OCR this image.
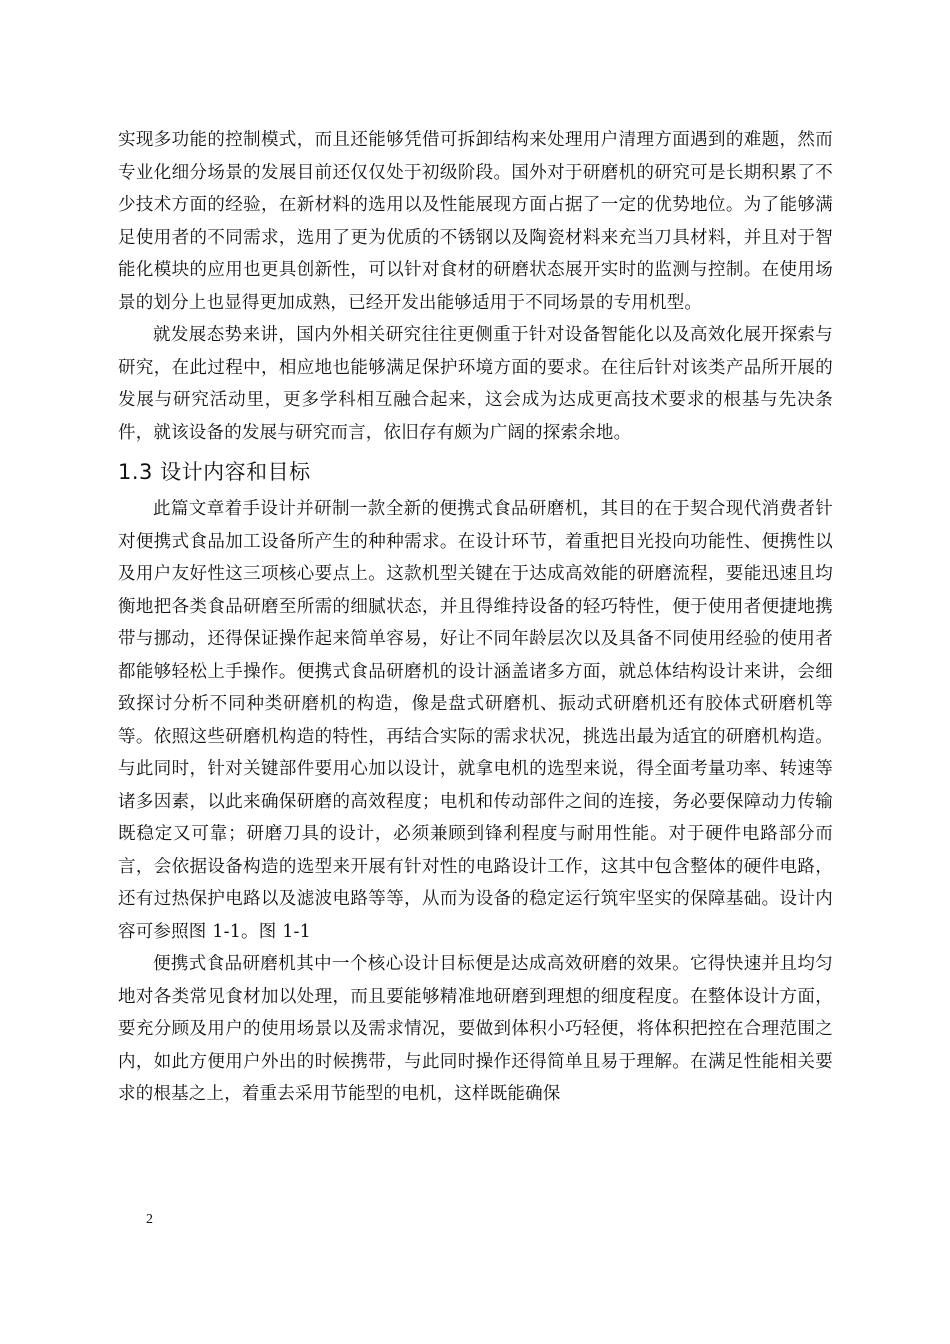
实现多功能的控制模式，而且还能够凭借可拆卸结构来处理用户清理方面遇到的难题，然而专业化细分场景的发展目前还仅仅处于初级阶段。国外对于研磨机的研究可是长期积累了不少技术方面的经验，在新材料的选用以及性能展现方面占据了一定的优势地位。为了能够满足使用者的不同需求，选用了更为优质的不锈钢以及陶瓷材料来充当刀具材料，并且对于智能化模块的应用也更具创新性，可以针对食材的研磨状态展开实时的监测与控制。在使用场景的划分上也显得更加成熟，已经开发出能够适用于不同场景的专用机型。

就发展态势来讲，国内外相关研究往往更侧重于针对设备智能化以及高效化展开探索与研究，在此过程中，相应地也能够满足保护环境方面的要求。在往后针对该类产品所开展的发展与研究活动里，更多学科相互融合起来，这会成为达成更高技术要求的根基与先决条件，就该设备的发展与研究而言，依旧存有颇为广阔的探索余地。

1.3 设计内容和目标

此篇文章着手设计并研制一款全新的便携式食品研磨机，其目的在于契合现代消费者针对便携式食品加工设备所产生的种种需求。在设计环节，着重把目光投向功能性、便携性以及用户友好性这三项核心要点上。这款机型关键在于达成高效能的研磨流程，要能迅速且均衡地把各类食品研磨至所需的细腻状态，并且得维持设备的轻巧特性，便于使用者便捷地携带与挪动，还得保证操作起来简单容易，好让不同年龄层次以及具备不同使用经验的使用者都能够轻松上手操作。便携式食品研磨机的设计涵盖诸多方面，就总体结构设计来讲，会细致探讨分析不同种类研磨机的构造，像是盘式研磨机、振动式研磨机还有胶体式研磨机等等。依照这些研磨机构造的特性，再结合实际的需求状况，挑选出最为适宜的研磨机构造。与此同时，针对关键部件要用心加以设计，就拿电机的选型来说，得全面考量功率、转速等诸多因素，以此来确保研磨的高效程度；电机和传动部件之间的连接，务必要保障动力传输既稳定又可靠；研磨刀具的设计，必须兼顾到锋利程度与耐用性能。对于硬件电路部分而言，会依据设备构造的选型来开展有针对性的电路设计工作，这其中包含整体的硬件电路，还有过热保护电路以及滤波电路等等，从而为设备的稳定运行筑牢坚实的保障基础。设计内容可参照图 1-1。图 1-1

便携式食品研磨机其中一个核心设计目标便是达成高效研磨的效果。它得快速并且均匀地对各类常见食材加以处理，而且要能够精准地研磨到理想的细度程度。在整体设计方面，要充分顾及用户的使用场景以及需求情况，要做到体积小巧轻便，将体积把控在合理范围之内，如此方便用户外出的时候携带，与此同时操作还得简单且易于理解。在满足性能相关要求的根基之上，着重去采用节能型的电机，这样既能确保

2
